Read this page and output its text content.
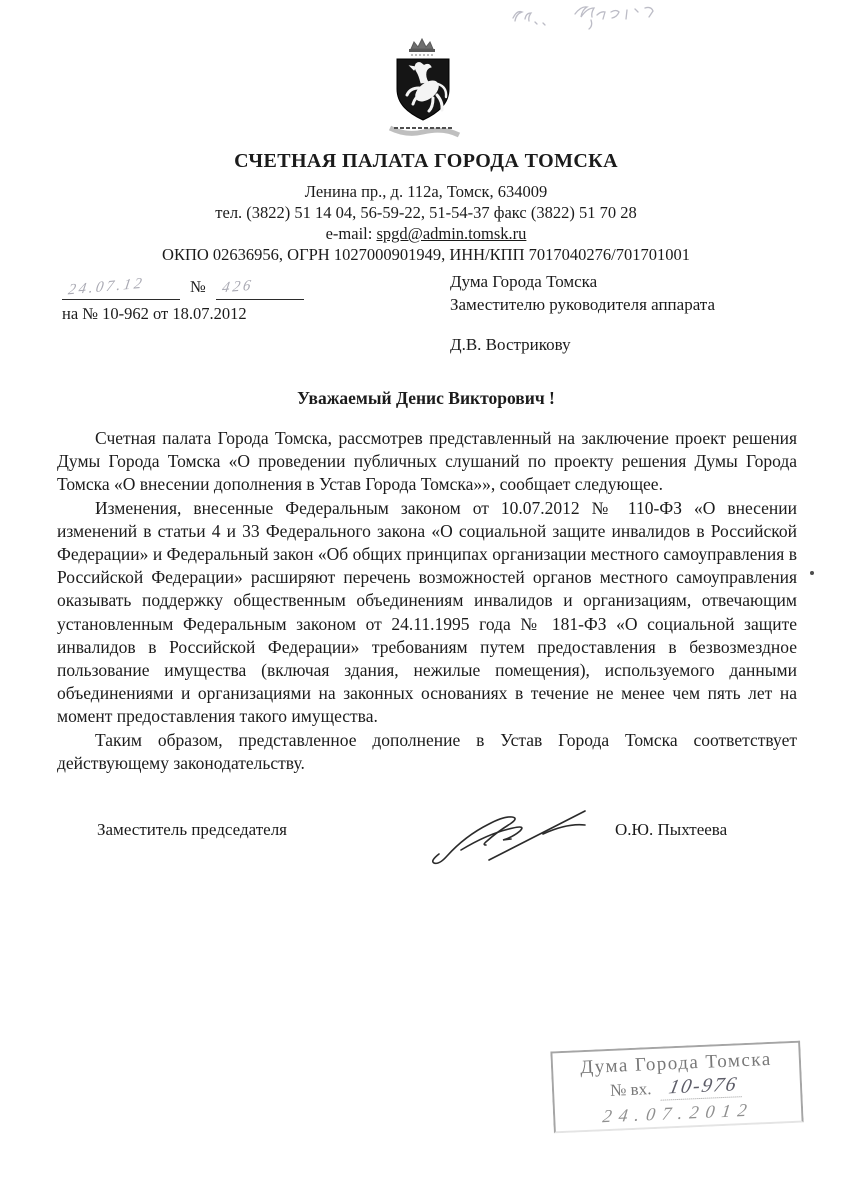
СЧЕТНАЯ ПАЛАТА ГОРОДА ТОМСКА
Ленина пр., д. 112а, Томск, 634009
тел. (3822) 51 14 04, 56-59-22, 51-54-37 факс (3822) 51 70 28
e-mail: spgd@admin.tomsk.ru
ОКПО 02636956, ОГРН 1027000901949, ИНН/КПП 7017040276/701701001
24.07.12	№ 426
на № 10-962 от 18.07.2012
Дума Города Томска
Заместителю руководителя аппарата
Д.В. Вострикову
Уважаемый Денис Викторович !

Счетная палата Города Томска, рассмотрев представленный на заключение проект решения Думы Города Томска «О проведении публичных слушаний по проекту решения Думы Города Томска «О внесении дополнения в Устав Города Томска»», сообщает следующее.

Изменения, внесенные Федеральным законом от 10.07.2012 № 110-ФЗ «О внесении изменений в статьи 4 и 33 Федерального закона «О социальной защите инвалидов в Российской Федерации» и Федеральный закон «Об общих принципах организации местного самоуправления в Российской Федерации» расширяют перечень возможностей органов местного самоуправления оказывать поддержку общественным объединениям инвалидов и организациям, отвечающим установленным Федеральным законом от 24.11.1995 года № 181-ФЗ «О социальной защите инвалидов в Российской Федерации» требованиям путем предоставления в безвозмездное пользование имущества (включая здания, нежилые помещения), используемого данными объединениями и организациями на законных основаниях в течение не менее чем пять лет на момент предоставления такого имущества.

Таким образом, представленное дополнение в Устав Города Томска соответствует действующему законодательству.

Заместитель председателя	О.Ю. Пыхтеева
Дума Города Томска
№ вх. 10-976
24.07.2012
